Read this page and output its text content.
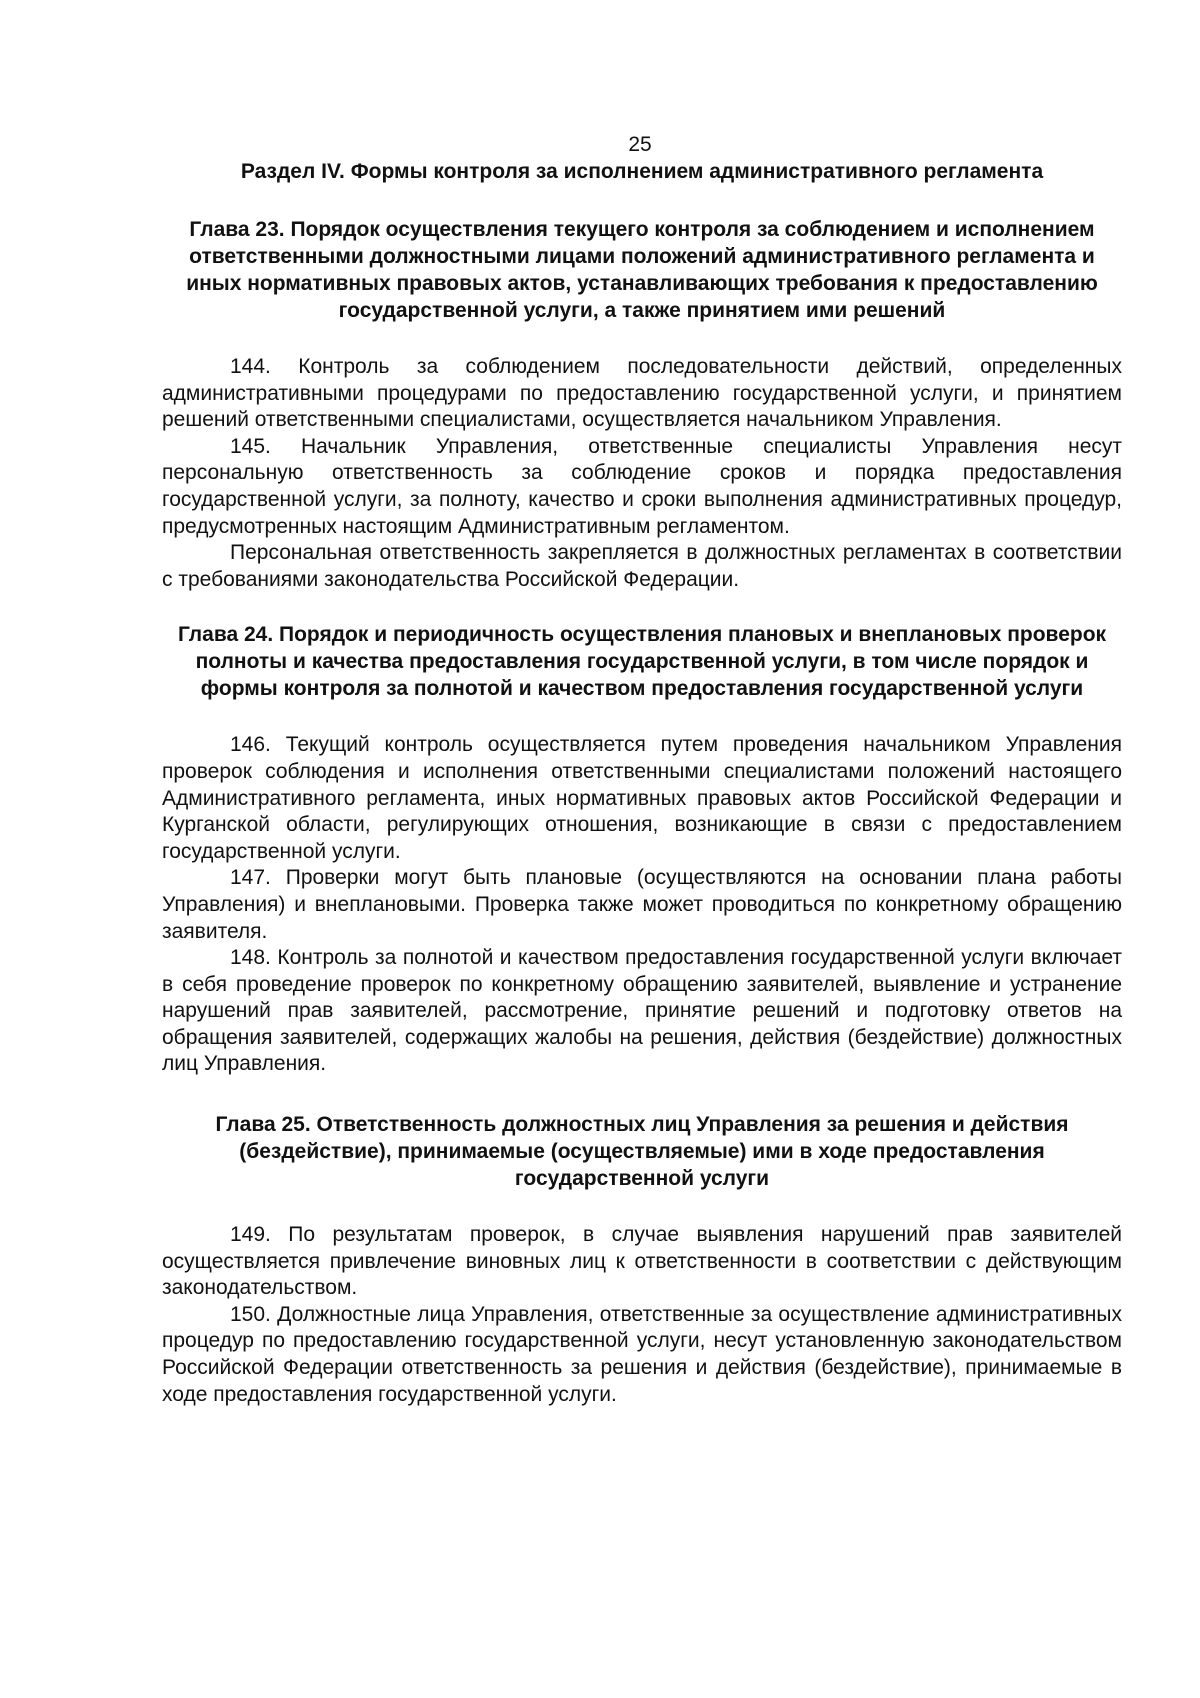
25
Раздел IV. Формы контроля за исполнением административного регламента
Глава 23. Порядок осуществления текущего контроля за соблюдением и исполнением ответственными должностными лицами положений административного регламента и иных нормативных правовых актов, устанавливающих требования к предоставлению государственной услуги, а также принятием ими решений

144. Контроль за соблюдением последовательности действий, определенных административными процедурами по предоставлению государственной услуги, и принятием решений ответственными специалистами, осуществляется начальником Управления.

145. Начальник Управления, ответственные специалисты Управления несут персональную ответственность за соблюдение сроков и порядка предоставления государственной услуги, за полноту, качество и сроки выполнения административных процедур, предусмотренных настоящим Административным регламентом.

Персональная ответственность закрепляется в должностных регламентах в соответствии с требованиями законодательства Российской Федерации.

Глава 24. Порядок и периодичность осуществления плановых и внеплановых проверок полноты и качества предоставления государственной услуги, в том числе порядок и формы контроля за полнотой и качеством предоставления государственной услуги

146. Текущий контроль осуществляется путем проведения начальником Управления проверок соблюдения и исполнения ответственными специалистами положений настоящего Административного регламента, иных нормативных правовых актов Российской Федерации и Курганской области, регулирующих отношения, возникающие в связи с предоставлением государственной услуги.

147. Проверки могут быть плановые (осуществляются на основании плана работы Управления) и внеплановыми. Проверка также может проводиться по конкретному обращению заявителя.

148. Контроль за полнотой и качеством предоставления государственной услуги включает в себя проведение проверок по конкретному обращению заявителей, выявление и устранение нарушений прав заявителей, рассмотрение, принятие решений и подготовку ответов на обращения заявителей, содержащих жалобы на решения, действия (бездействие) должностных лиц Управления.

Глава 25. Ответственность должностных лиц Управления за решения и действия (бездействие), принимаемые (осуществляемые) ими в ходе предоставления государственной услуги

149. По результатам проверок, в случае выявления нарушений прав заявителей осуществляется привлечение виновных лиц к ответственности в соответствии с действующим законодательством.

150. Должностные лица Управления, ответственные за осуществление административных процедур по предоставлению государственной услуги, несут установленную законодательством Российской Федерации ответственность за решения и действия (бездействие), принимаемые в ходе предоставления государственной услуги.
